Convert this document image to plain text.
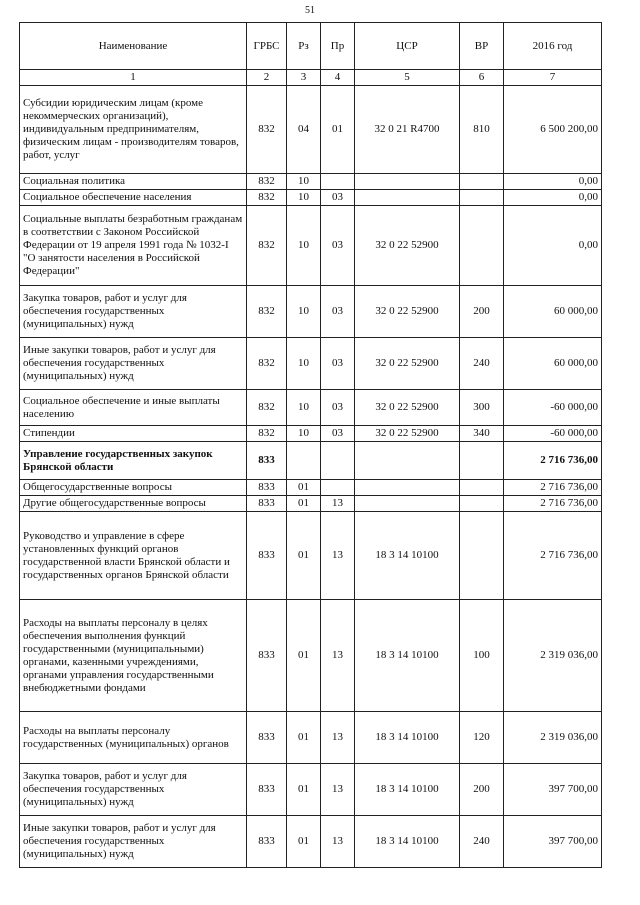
51
Наименование	ГРБС	Рз	Пр	ЦСР	ВР	2016 год
1	2	3	4	5	6	7
Субсидии юридическим лицам (кроме некоммерческих организаций), индивидуальным предпринимателям, физическим лицам - производителям товаров, работ, услуг	832	04	01	32 0 21 R4700	810	6 500 200,00
Социальная политика	832	10				0,00
Социальное обеспечение населения	832	10	03			0,00
Социальные выплаты безработным гражданам в соответствии с Законом Российской Федерации от 19 апреля 1991 года № 1032-I "О занятости населения в Российской Федерации"	832	10	03	32 0 22 52900		0,00
Закупка товаров, работ и услуг для обеспечения государственных (муниципальных) нужд	832	10	03	32 0 22 52900	200	60 000,00
Иные закупки товаров, работ и услуг для обеспечения государственных (муниципальных) нужд	832	10	03	32 0 22 52900	240	60 000,00
Социальное обеспечение и иные выплаты населению	832	10	03	32 0 22 52900	300	-60 000,00
Стипендии	832	10	03	32 0 22 52900	340	-60 000,00
Управление государственных закупок Брянской области	833					2 716 736,00
Общегосударственные вопросы	833	01				2 716 736,00
Другие общегосударственные вопросы	833	01	13			2 716 736,00
Руководство и управление в сфере установленных функций органов государственной власти Брянской области и государственных органов Брянской области	833	01	13	18 3 14 10100		2 716 736,00
Расходы на выплаты персоналу в целях обеспечения выполнения функций государственными (муниципальными) органами, казенными учреждениями, органами управления государственными внебюджетными фондами	833	01	13	18 3 14 10100	100	2 319 036,00
Расходы на выплаты персоналу государственных (муниципальных) органов	833	01	13	18 3 14 10100	120	2 319 036,00
Закупка товаров, работ и услуг для обеспечения государственных (муниципальных) нужд	833	01	13	18 3 14 10100	200	397 700,00
Иные закупки товаров, работ и услуг для обеспечения государственных (муниципальных) нужд	833	01	13	18 3 14 10100	240	397 700,00
